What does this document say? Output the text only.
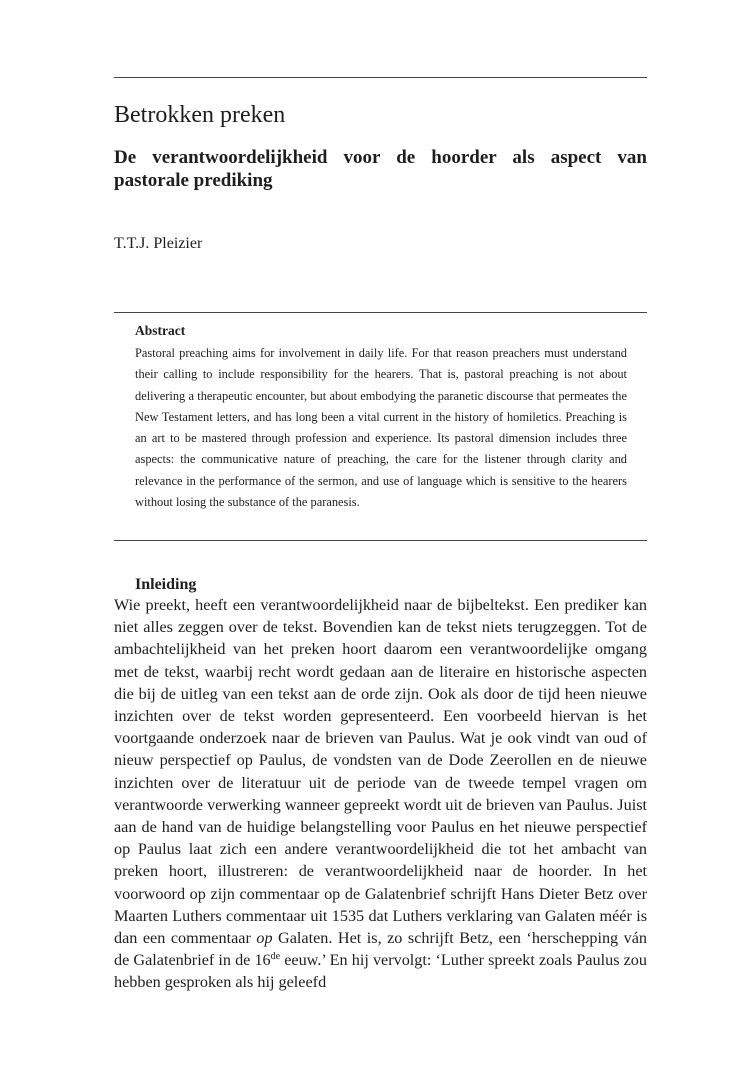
Betrokken preken
De verantwoordelijkheid voor de hoorder als aspect van pastorale prediking

T.T.J. Pleizier

Abstract

Pastoral preaching aims for involvement in daily life. For that reason preachers must understand their calling to include responsibility for the hearers. That is, pastoral preaching is not about delivering a therapeutic encounter, but about embodying the paranetic discourse that permeates the New Testament letters, and has long been a vital current in the history of homiletics. Preaching is an art to be mastered through profession and experience. Its pastoral dimension includes three aspects: the communicative nature of preaching, the care for the listener through clarity and relevance in the performance of the sermon, and use of language which is sensitive to the hearers without losing the substance of the paranesis.

Inleiding

Wie preekt, heeft een verantwoordelijkheid naar de bijbeltekst. Een prediker kan niet alles zeggen over de tekst. Bovendien kan de tekst niets terugzeggen. Tot de ambachtelijkheid van het preken hoort daarom een verantwoordelijke omgang met de tekst, waarbij recht wordt gedaan aan de literaire en historische aspecten die bij de uitleg van een tekst aan de orde zijn. Ook als door de tijd heen nieuwe inzichten over de tekst worden gepresenteerd. Een voorbeeld hiervan is het voortgaande onderzoek naar de brieven van Paulus. Wat je ook vindt van oud of nieuw perspectief op Paulus, de vondsten van de Dode Zeerollen en de nieuwe inzichten over de literatuur uit de periode van de tweede tempel vragen om verantwoorde verwerking wanneer gepreekt wordt uit de brieven van Paulus. Juist aan de hand van de huidige belangstelling voor Paulus en het nieuwe perspectief op Paulus laat zich een andere verantwoordelijkheid die tot het ambacht van preken hoort, illustreren: de verantwoordelijkheid naar de hoorder. In het voorwoord op zijn commentaar op de Galatenbrief schrijft Hans Dieter Betz over Maarten Luthers commentaar uit 1535 dat Luthers verklaring van Galaten méér is dan een commentaar op Galaten. Het is, zo schrijft Betz, een ‘herschepping ván de Galatenbrief in de 16de eeuw.’ En hij vervolgt: ‘Luther spreekt zoals Paulus zou hebben gesproken als hij geleefd
